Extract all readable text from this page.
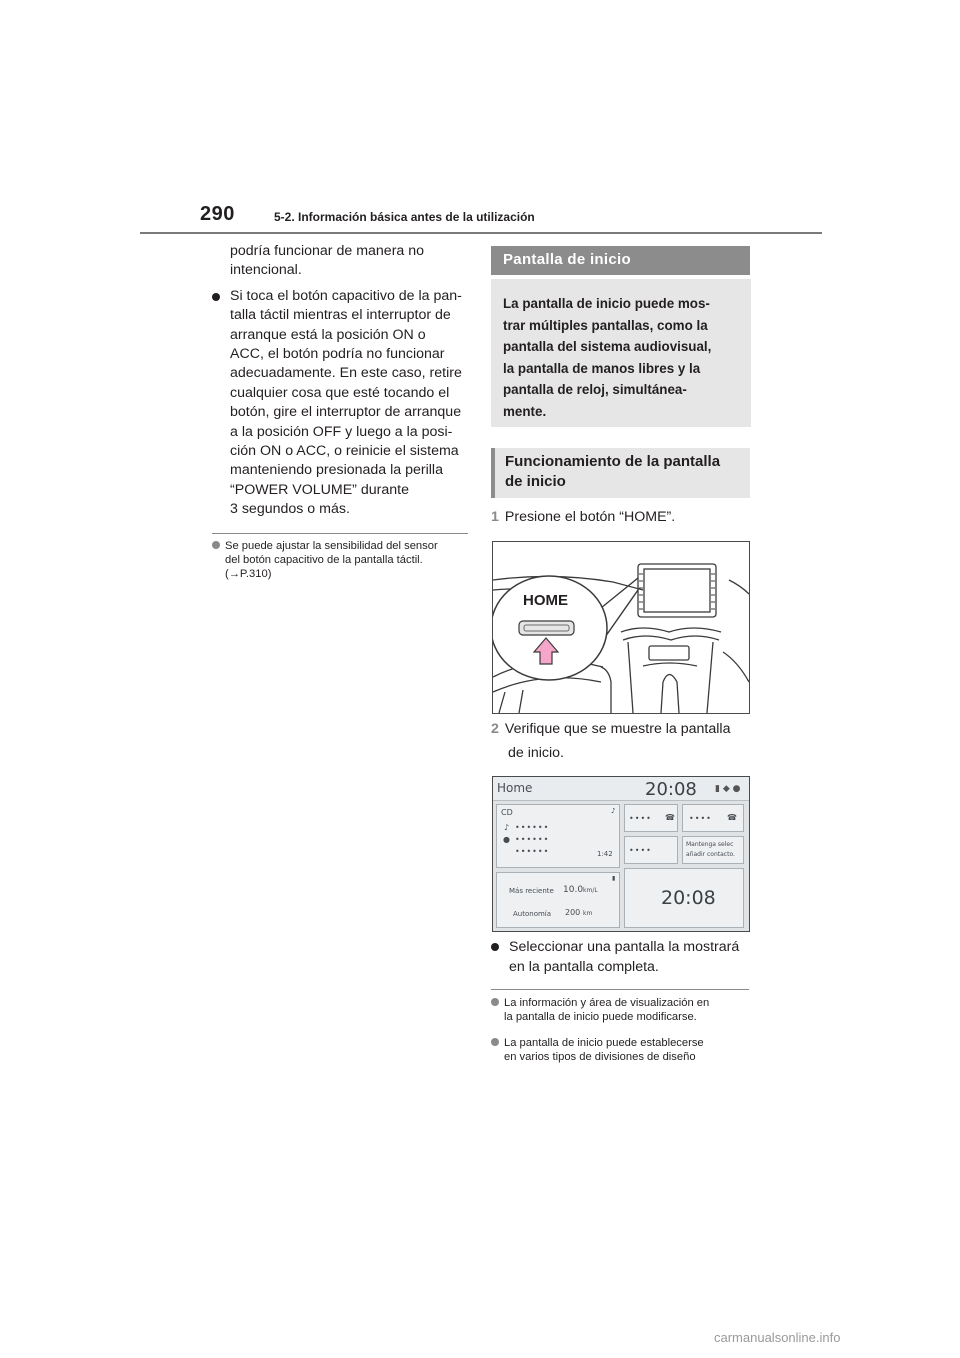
290	5-2. Información básica antes de la utilización
podría funcionar de manera no
intencional.
Si toca el botón capacitivo de la pan-
talla táctil mientras el interruptor de
arranque está la posición ON o
ACC, el botón podría no funcionar
adecuadamente. En este caso, retire
cualquier cosa que esté tocando el
botón, gire el interruptor de arranque
a la posición OFF y luego a la posi-
ción ON o ACC, o reinicie el sistema
manteniendo presionada la perilla
“POWER VOLUME” durante
3 segundos o más.
Se puede ajustar la sensibilidad del sensor
del botón capacitivo de la pantalla táctil.
(→P.310)
Pantalla de inicio
La pantalla de inicio puede mos-
trar múltiples pantallas, como la
pantalla del sistema audiovisual,
la pantalla de manos libres y la
pantalla de reloj, simultánea-
mente.
Funcionamiento de la pantalla
de inicio
1 Presione el botón “HOME”.
HOME
2 Verifique que se muestre la pantalla
de inicio.
Home	20:08 ▮ ◆ ●
CD	♪
♪ ••••••
● ••••••
••••••	1:42
•••• ☎ •••• ☎
••••
Mantenga selec
añadir contacto.
▮
Más reciente 10.0 km/L
Autonomía 200 km
20:08
Seleccionar una pantalla la mostrará
en la pantalla completa.
La información y área de visualización en
la pantalla de inicio puede modificarse.
La pantalla de inicio puede establecerse
en varios tipos de divisiones de diseño
carmanualsonline.info
